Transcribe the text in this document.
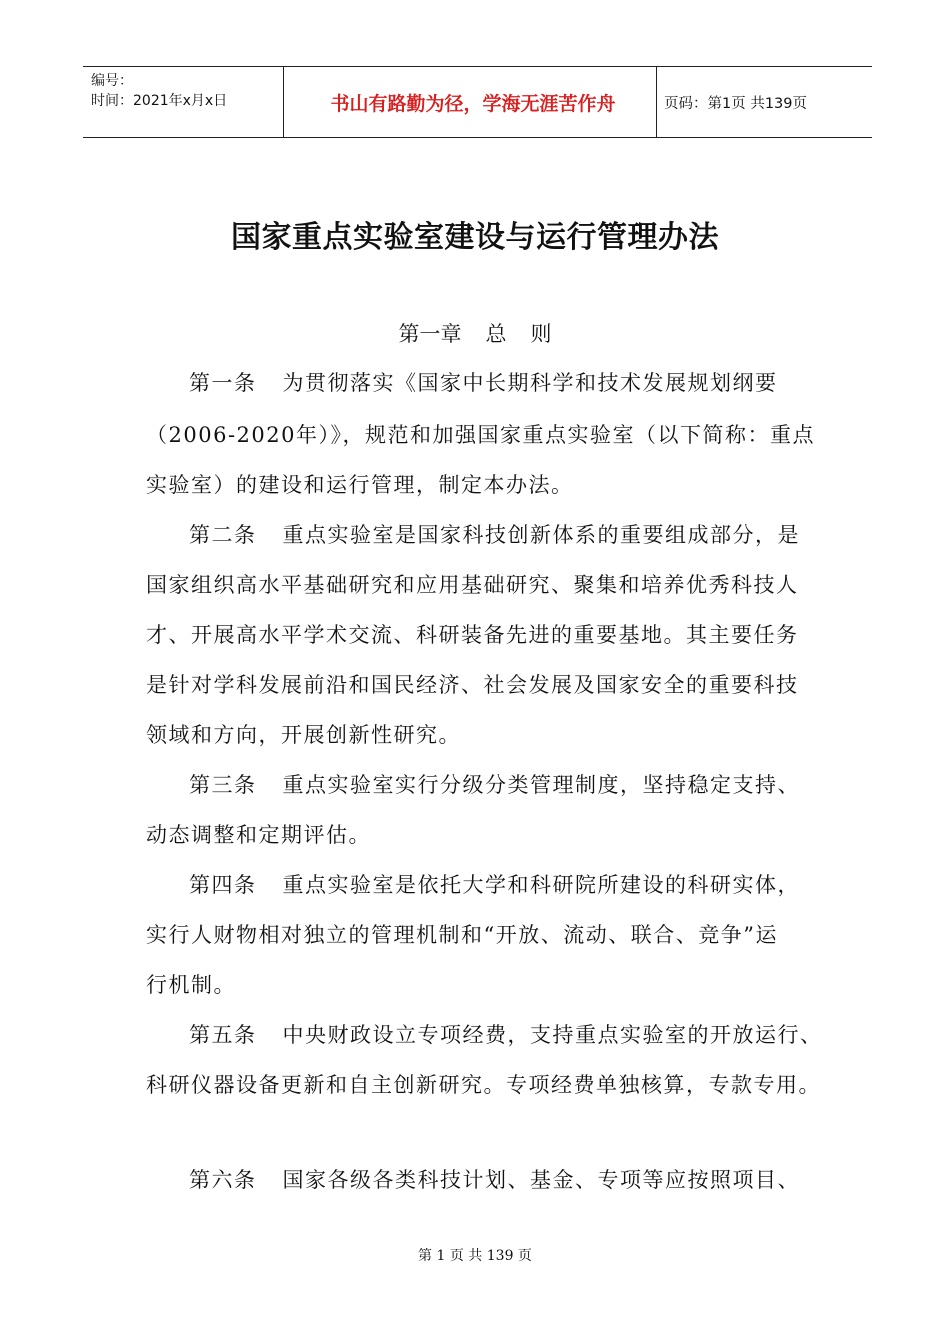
编号：
时间：2021年x月x日	书山有路勤为径，学海无涯苦作舟	页码：第1页 共139页
国家重点实验室建设与运行管理办法
第一章 总 则
第一条 为贯彻落实《国家中长期科学和技术发展规划纲要
（2006-2020年）》，规范和加强国家重点实验室（以下简称：重点
实验室）的建设和运行管理，制定本办法。
第二条 重点实验室是国家科技创新体系的重要组成部分，是
国家组织高水平基础研究和应用基础研究、聚集和培养优秀科技人
才、开展高水平学术交流、科研装备先进的重要基地。其主要任务
是针对学科发展前沿和国民经济、社会发展及国家安全的重要科技
领域和方向，开展创新性研究。
第三条 重点实验室实行分级分类管理制度，坚持稳定支持、
动态调整和定期评估。
第四条 重点实验室是依托大学和科研院所建设的科研实体，
实行人财物相对独立的管理机制和“开放、流动、联合、竞争”运
行机制。
第五条 中央财政设立专项经费，支持重点实验室的开放运行、
科研仪器设备更新和自主创新研究。专项经费单独核算，专款专用。
第六条 国家各级各类科技计划、基金、专项等应按照项目、
第 1 页 共 139 页
